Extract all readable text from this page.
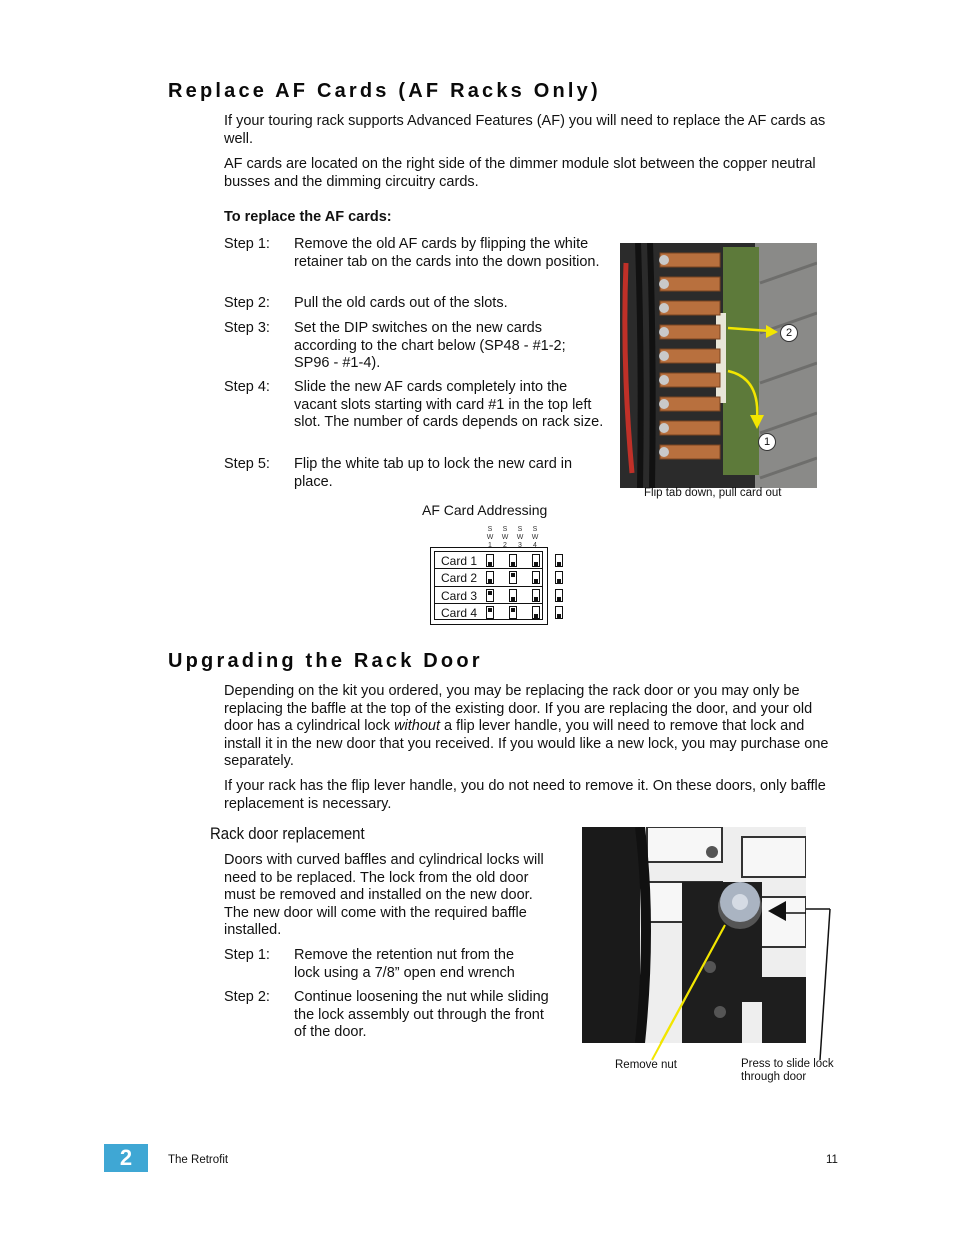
Replace AF Cards (AF Racks Only)
If your touring rack supports Advanced Features (AF) you will need to replace the AF cards as well.
AF cards are located on the right side of the dimmer module slot between the copper neutral busses and the dimming circuitry cards.
To replace the AF cards:
Step 1: Remove the old AF cards by flipping the white retainer tab on the cards into the down position.
Step 2: Pull the old cards out of the slots.
Step 3: Set the DIP switches on the new cards according to the chart below (SP48 - #1-2; SP96 - #1-4).
Step 4: Slide the new AF cards completely into the vacant slots starting with card #1 in the top left slot. The number of cards depends on rack size.
Step 5: Flip the white tab up to lock the new card in place.
2
1
Flip tab down, pull card out
AF Card Addressing
S
W
1
S
W
2
S
W
3
S
W
4
Card 1
Card 2
Card 3
Card 4
Upgrading the Rack Door
Depending on the kit you ordered, you may be replacing the rack door or you may only be replacing the baffle at the top of the existing door. If you are replacing the door, and your old door has a cylindrical lock without a flip lever handle, you will need to remove that lock and install it in the new door that you received. If you would like a new lock, you may purchase one separately.
If your rack has the flip lever handle, you do not need to remove it. On these doors, only baffle replacement is necessary.
Rack door replacement
Doors with curved baffles and cylindrical locks will need to be replaced. The lock from the old door must be removed and installed on the new door. The new door will come with the required baffle installed.
Step 1: Remove the retention nut from the lock using a 7/8” open end wrench
Step 2: Continue loosening the nut while sliding the lock assembly out through the front of the door.
Remove nut	Press to slide lock through door
2	The Retrofit	11
